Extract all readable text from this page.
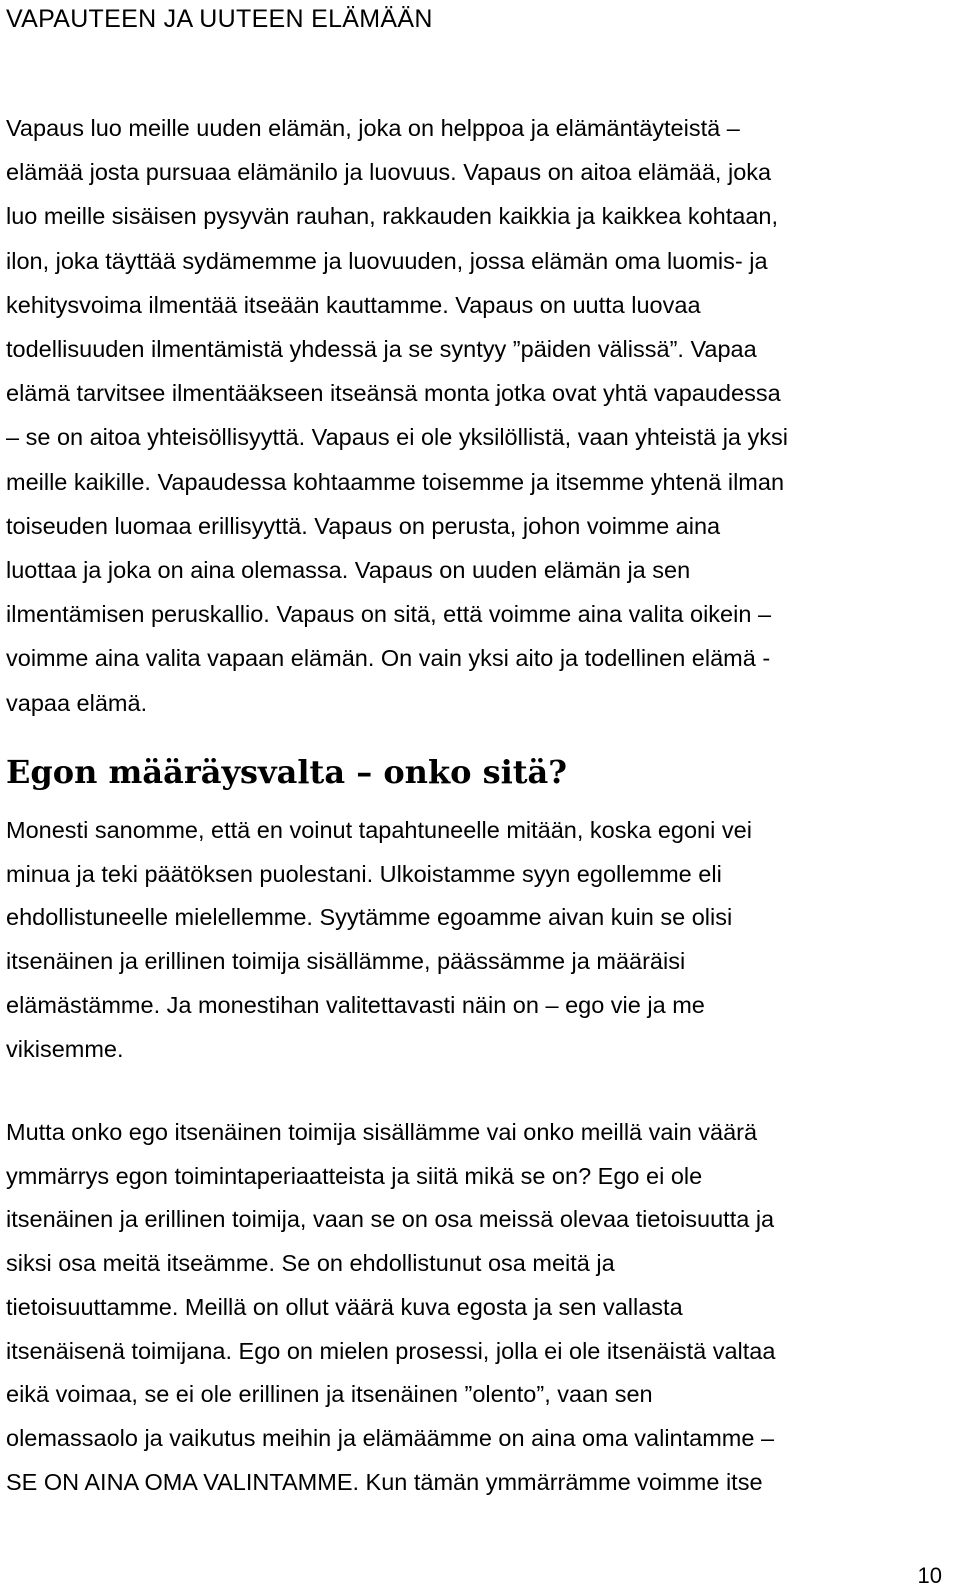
VAPAUTEEN JA UUTEEN ELÄMÄÄN

Vapaus luo meille uuden elämän, joka on helppoa ja elämäntäyteistä –
elämää josta pursuaa elämänilo ja luovuus. Vapaus on aitoa elämää, joka
luo meille sisäisen pysyvän rauhan, rakkauden kaikkia ja kaikkea kohtaan,
ilon, joka täyttää sydämemme ja luovuuden, jossa elämän oma luomis- ja
kehitysvoima ilmentää itseään kauttamme. Vapaus on uutta luovaa
todellisuuden ilmentämistä yhdessä ja se syntyy ”päiden välissä”. Vapaa
elämä tarvitsee ilmentääkseen itseänsä monta jotka ovat yhtä vapaudessa
– se on aitoa yhteisöllisyyttä. Vapaus ei ole yksilöllistä, vaan yhteistä ja yksi
meille kaikille. Vapaudessa kohtaamme toisemme ja itsemme yhtenä ilman
toiseuden luomaa erillisyyttä. Vapaus on perusta, johon voimme aina
luottaa ja joka on aina olemassa. Vapaus on uuden elämän ja sen
ilmentämisen peruskallio. Vapaus on sitä, että voimme aina valita oikein –
voimme aina valita vapaan elämän. On vain yksi aito ja todellinen elämä -
vapaa elämä.

Egon määräysvalta – onko sitä?

Monesti sanomme, että en voinut tapahtuneelle mitään, koska egoni vei
minua ja teki päätöksen puolestani. Ulkoistamme syyn egollemme eli
ehdollistuneelle mielellemme. Syytämme egoamme aivan kuin se olisi
itsenäinen ja erillinen toimija sisällämme, päässämme ja määräisi
elämästämme. Ja monestihan valitettavasti näin on – ego vie ja me
vikisemme.

Mutta onko ego itsenäinen toimija sisällämme vai onko meillä vain väärä
ymmärrys egon toimintaperiaatteista ja siitä mikä se on? Ego ei ole
itsenäinen ja erillinen toimija, vaan se on osa meissä olevaa tietoisuutta ja
siksi osa meitä itseämme. Se on ehdollistunut osa meitä ja
tietoisuuttamme. Meillä on ollut väärä kuva egosta ja sen vallasta
itsenäisenä toimijana. Ego on mielen prosessi, jolla ei ole itsenäistä valtaa
eikä voimaa, se ei ole erillinen ja itsenäinen ”olento”, vaan sen
olemassaolo ja vaikutus meihin ja elämäämme on aina oma valintamme –
SE ON AINA OMA VALINTAMME. Kun tämän ymmärrämme voimme itse

10
